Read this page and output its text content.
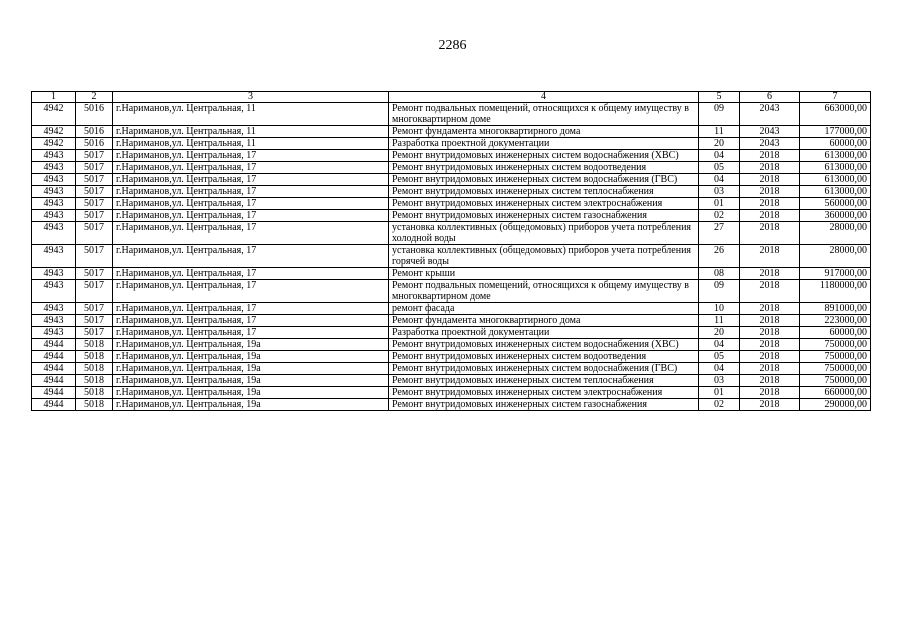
2286
1	2	3	4	5	6	7
4942	5016	г.Нариманов,ул. Центральная, 11	Ремонт подвальных помещений, относящихся к общему имуществу в многоквартирном доме	09	2043	663000,00
4942	5016	г.Нариманов,ул. Центральная, 11	Ремонт фундамента многоквартирного дома	11	2043	177000,00
4942	5016	г.Нариманов,ул. Центральная, 11	Разработка проектной документации	20	2043	60000,00
4943	5017	г.Нариманов,ул. Центральная, 17	Ремонт внутридомовых инженерных систем водоснабжения (ХВС)	04	2018	613000,00
4943	5017	г.Нариманов,ул. Центральная, 17	Ремонт внутридомовых инженерных систем водоотведения	05	2018	613000,00
4943	5017	г.Нариманов,ул. Центральная, 17	Ремонт внутридомовых инженерных систем водоснабжения (ГВС)	04	2018	613000,00
4943	5017	г.Нариманов,ул. Центральная, 17	Ремонт внутридомовых инженерных систем теплоснабжения	03	2018	613000,00
4943	5017	г.Нариманов,ул. Центральная, 17	Ремонт внутридомовых инженерных систем электроснабжения	01	2018	560000,00
4943	5017	г.Нариманов,ул. Центральная, 17	Ремонт внутридомовых инженерных систем газоснабжения	02	2018	360000,00
4943	5017	г.Нариманов,ул. Центральная, 17	установка коллективных (общедомовых) приборов учета потребления холодной воды	27	2018	28000,00
4943	5017	г.Нариманов,ул. Центральная, 17	установка коллективных (общедомовых) приборов учета потребления горячей воды	26	2018	28000,00
4943	5017	г.Нариманов,ул. Центральная, 17	Ремонт крыши	08	2018	917000,00
4943	5017	г.Нариманов,ул. Центральная, 17	Ремонт подвальных помещений, относящихся к общему имуществу в многоквартирном доме	09	2018	1180000,00
4943	5017	г.Нариманов,ул. Центральная, 17	ремонт фасада	10	2018	891000,00
4943	5017	г.Нариманов,ул. Центральная, 17	Ремонт фундамента многоквартирного дома	11	2018	223000,00
4943	5017	г.Нариманов,ул. Центральная, 17	Разработка проектной документации	20	2018	60000,00
4944	5018	г.Нариманов,ул. Центральная, 19а	Ремонт внутридомовых инженерных систем водоснабжения (ХВС)	04	2018	750000,00
4944	5018	г.Нариманов,ул. Центральная, 19а	Ремонт внутридомовых инженерных систем водоотведения	05	2018	750000,00
4944	5018	г.Нариманов,ул. Центральная, 19а	Ремонт внутридомовых инженерных систем водоснабжения (ГВС)	04	2018	750000,00
4944	5018	г.Нариманов,ул. Центральная, 19а	Ремонт внутридомовых инженерных систем теплоснабжения	03	2018	750000,00
4944	5018	г.Нариманов,ул. Центральная, 19а	Ремонт внутридомовых инженерных систем электроснабжения	01	2018	660000,00
4944	5018	г.Нариманов,ул. Центральная, 19а	Ремонт внутридомовых инженерных систем газоснабжения	02	2018	290000,00
